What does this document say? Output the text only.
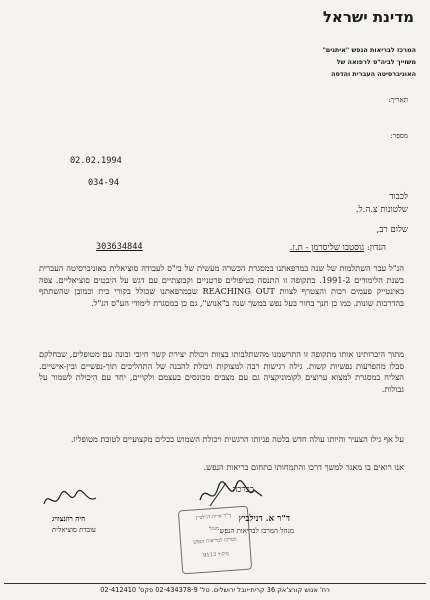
מדינת ישראל
המרכז לבריאות הנפש "איתנים"
משוייך לביה"ס לרפואה של
האוניברסיטה העברית והדסה
תאריך:
מספר:
02.02.1994
034-94
לכבוד
שלטונות צ.ה.ל.
שלום רב,
הנדון: גוסטבו שליסרמן - ת.ז.
303634844
הנ"ל עבר השתלמות של שנה במרפאתנו במסגרת הכשרה מעשית של בי"ס לעבודה סוציאלית באוניברסיטה העברית בשנת הלימודים 1991-2. בתקופה זו התנסה בטיפולים פרטניים וקבוצתיים עם דגש על היבטים סוציאליים. צפה באינטייק פעמים רבות והצטרף לצוות REACHING OUT שבמרפאתנו שכולל בקורי בית וכמובן שהשתתף בהדרכות שונות. כמו כן חנך בחור בעל נפש במשך שנה ב"אנוש", גם כן במסגרת לימודי הע"ס הנ"ל.
מתוך היכרותינו אותו מתקופה זו התרשמנו מהשתלבותו בצוות ויכולת יצירת קשר חיובי ובונה עם מטופלים, שבחלקם סבלו מהפרעות נפשיות קשות. גילה רגישות רבה למצוקות ויכולת להבנה של התהליכים תוך-נפשיים ובין-אישיים. הצליח במסגרת למצוא ערוצים לקומוניקציה גם עם מצבים מכונסים בעצמם ולקויים, יחד עם היכולת לשמור על גבולות.
על אף גילו הצעיר והיותו עולה חדש בלטה פניותו הרגשית ויכולת השמוש בכלים מקצועיים לטובת מטופליו.
אנו רואים בו מאגר למשך דרכו והתמחותו בתחום בריאות הנפש.
בברכה
ד"ר א. דנילביץ
מנהל המרכז לבריאות הנפש
חיה רוזנצוויג
עובדת סוציאלית
ד"ר אריה דנילביץ
מנהל
המרכז לבריאות הנפש
מיקוד 9112
רח' אנוש קורצ'אק 36 קרית-יובל ירושלים. טל' 02-434378-9 פקס' 02-412410
